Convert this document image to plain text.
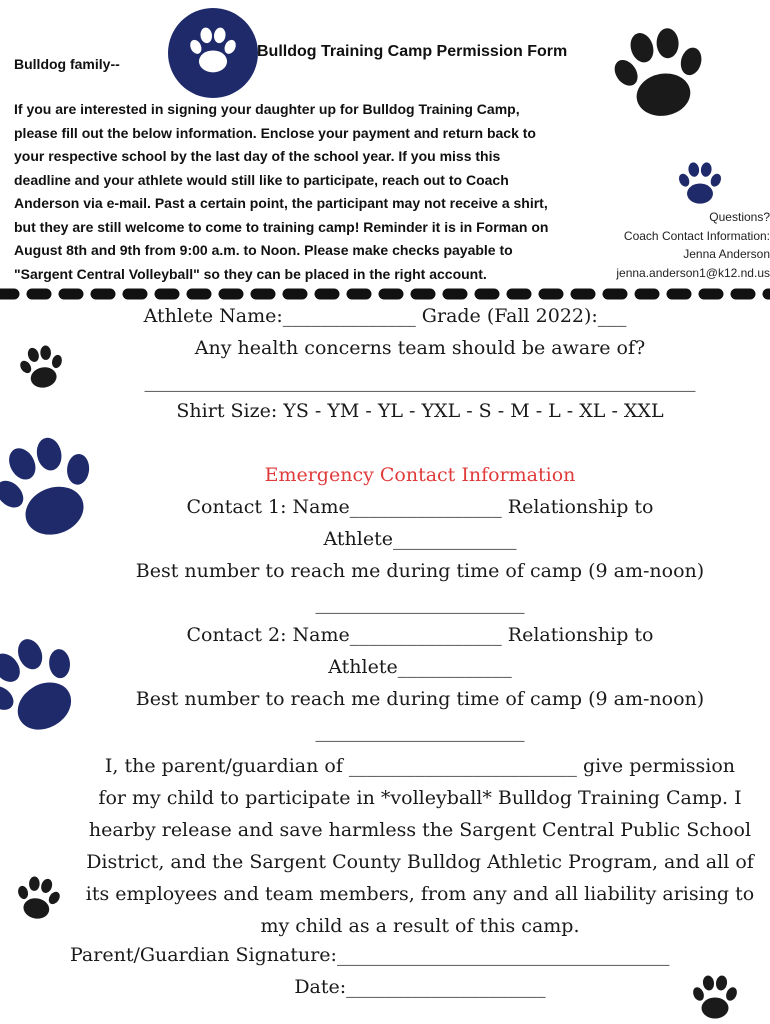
Bulldog family--
Bulldog Training Camp Permission Form
If you are interested in signing your daughter up for Bulldog Training Camp,
please fill out the below information. Enclose your payment and return back to
your respective school by the last day of the school year. If you miss this
deadline and your athlete would still like to participate, reach out to Coach
Anderson via e-mail. Past a certain point, the participant may not receive a shirt,
but they are still welcome to come to training camp! Reminder it is in Forman on
August 8th and 9th from 9:00 a.m. to Noon. Please make checks payable to
"Sargent Central Volleyball" so they can be placed in the right account.
Questions?
Coach Contact Information:
Jenna Anderson
jenna.anderson1@k12.nd.us
Athlete Name:______________ Grade (Fall 2022):___
Any health concerns team should be aware of?
__________________________________________________________
Shirt Size: YS - YM - YL - YXL - S - M - L - XL - XXL
Emergency Contact Information
Contact 1: Name________________ Relationship to
Athlete_____________
Best number to reach me during time of camp (9 am-noon)
______________________
Contact 2: Name________________ Relationship to
Athlete____________
Best number to reach me during time of camp (9 am-noon)
______________________
I, the parent/guardian of ________________________ give permission
for my child to participate in *volleyball* Bulldog Training Camp. I
hearby release and save harmless the Sargent Central Public School
District, and the Sargent County Bulldog Athletic Program, and all of
its employees and team members, from any and all liability arising to
my child as a result of this camp.
Parent/Guardian Signature:___________________________________
Date:_____________________
